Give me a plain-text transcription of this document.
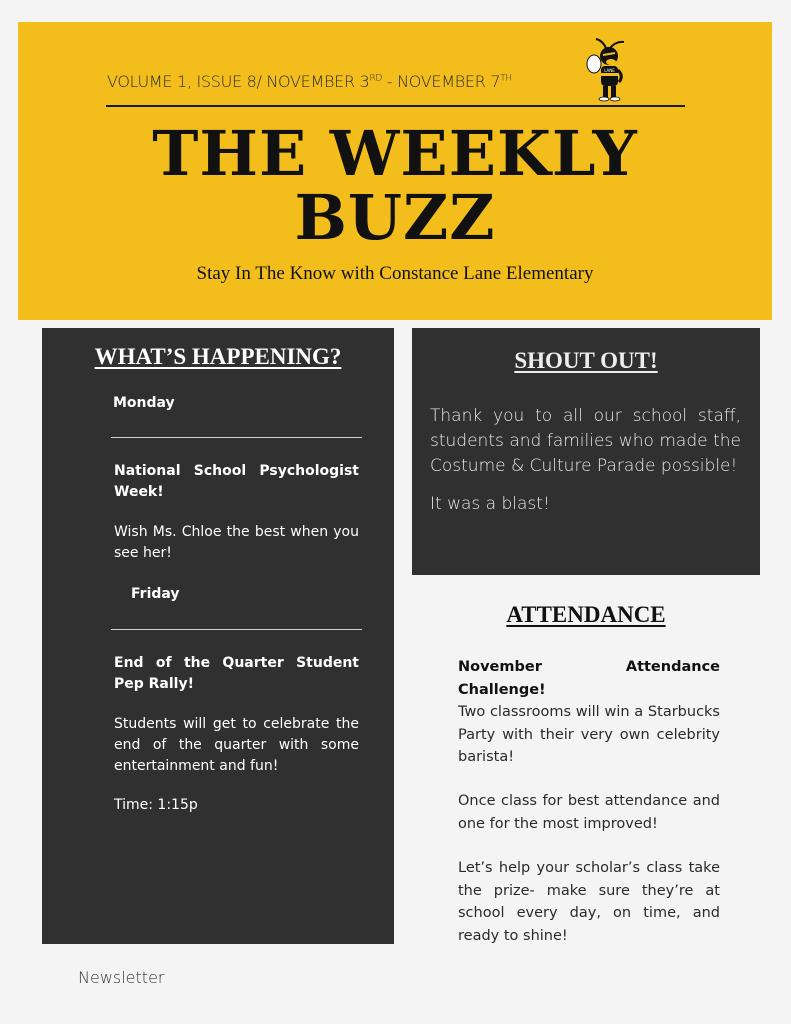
VOLUME 1, ISSUE 8/ NOVEMBER 3RD - NOVEMBER 7TH
LANE
THE WEEKLY
BUZZ
Stay In The Know with Constance Lane Elementary
WHAT’S HAPPENING?
Monday
National School Psychologist Week!
Wish Ms. Chloe the best when you see her!
Friday
End of the Quarter Student Pep Rally!
Students will get to celebrate the end of the quarter with some entertainment and fun!
Time: 1:15p
SHOUT OUT!
Thank you to all our school staff, students and families who made the Costume & Culture Parade possible!
It was a blast!
ATTENDANCE
November Attendance Challenge!
Two classrooms will win a Starbucks Party with their very own celebrity barista!
Once class for best attendance and one for the most improved!
Let’s help your scholar’s class take the prize- make sure they’re at school every day, on time, and ready to shine!
Newsletter
